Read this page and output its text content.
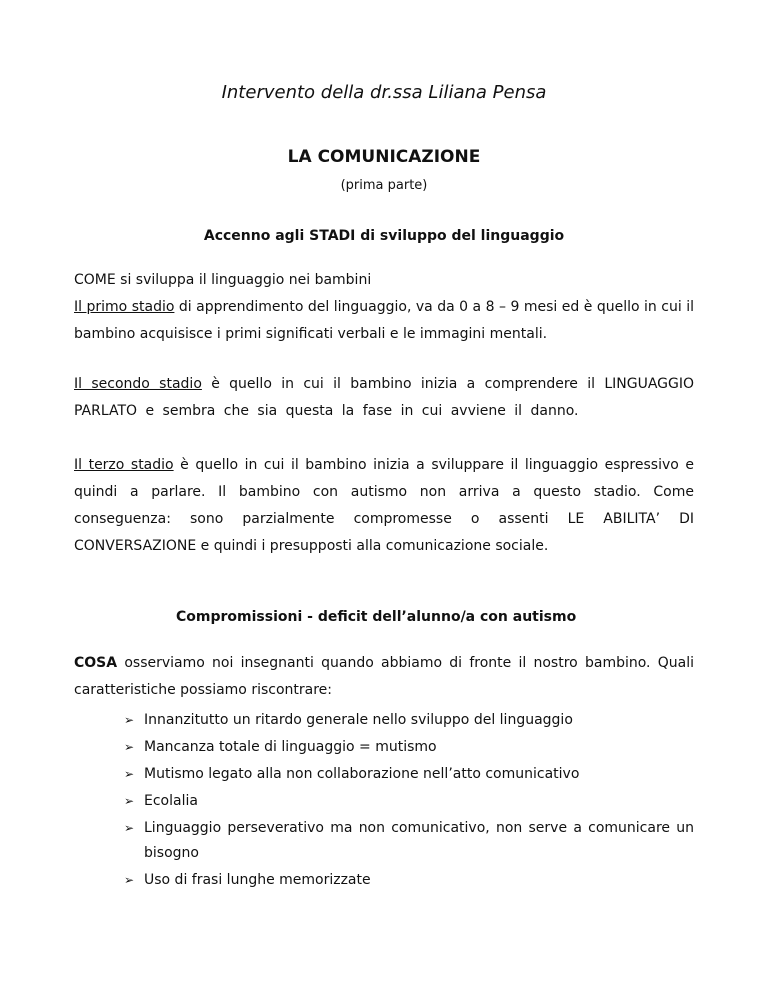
Intervento della dr.ssa Liliana Pensa
LA COMUNICAZIONE
(prima parte)
Accenno agli STADI di sviluppo del linguaggio
COME si sviluppa il linguaggio nei bambini
Il primo stadio di apprendimento del linguaggio, va da 0 a 8 – 9 mesi ed è quello in cui il bambino acquisisce i primi significati verbali e le immagini mentali.
Il secondo stadio è quello in cui il bambino inizia a comprendere il LINGUAGGIO PARLATO e sembra che sia questa la fase in cui avviene il danno.
Il terzo stadio è quello in cui il bambino inizia a sviluppare il linguaggio espressivo e quindi a parlare. Il bambino con autismo non arriva a questo stadio. Come conseguenza: sono parzialmente compromesse o assenti LE ABILITA’ DI CONVERSAZIONE e quindi i presupposti alla comunicazione sociale.
Compromissioni - deficit dell’alunno/a con autismo
COSA osserviamo noi insegnanti quando abbiamo di fronte il nostro bambino. Quali caratteristiche possiamo riscontrare:
➢ Innanzitutto un ritardo generale nello sviluppo del linguaggio
➢ Mancanza totale di linguaggio = mutismo
➢ Mutismo legato alla non collaborazione nell’atto comunicativo
➢ Ecolalia
➢ Linguaggio perseverativo ma non comunicativo, non serve a comunicare un bisogno
➢ Uso di frasi lunghe memorizzate
